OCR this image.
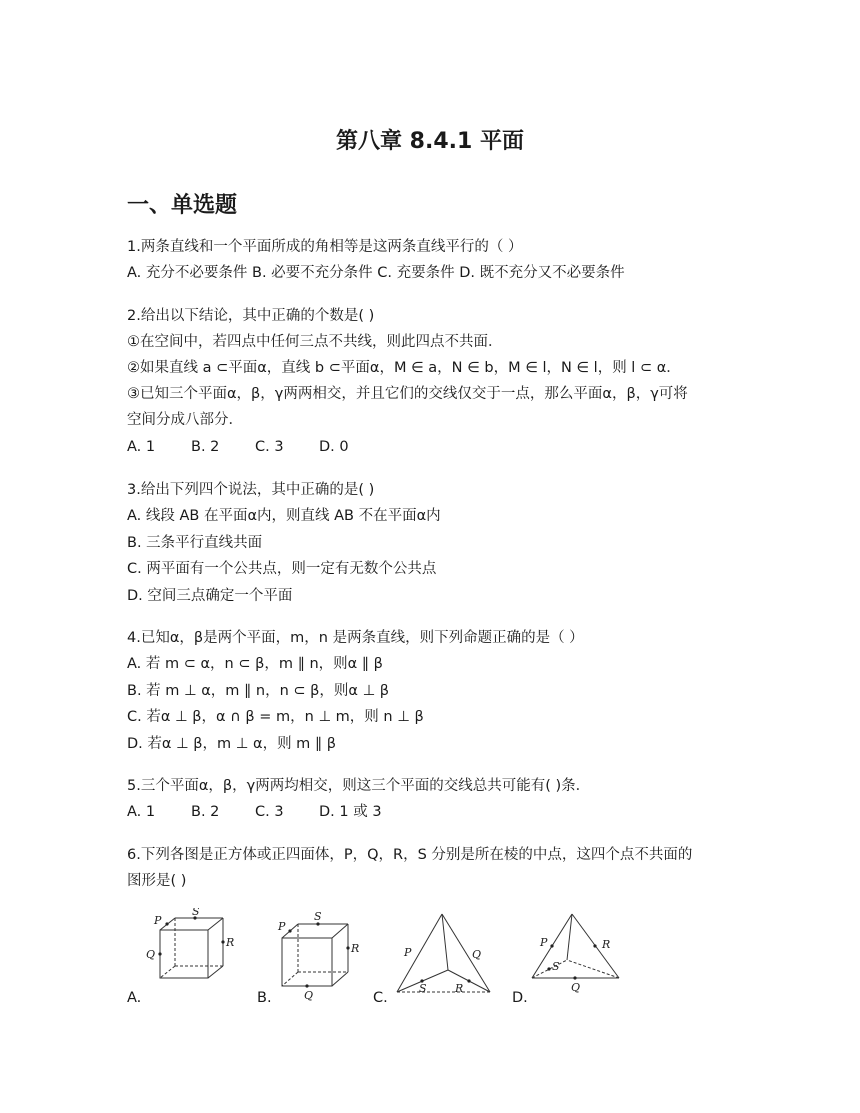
第八章 8.4.1 平面
一、单选题
1.两条直线和一个平面所成的角相等是这两条直线平行的（ ）
A. 充分不必要条件 B. 必要不充分条件 C. 充要条件 D. 既不充分又不必要条件
2.给出以下结论，其中正确的个数是( )
①在空间中，若四点中任何三点不共线，则此四点不共面．
②如果直线 a ⊂平面α，直线 b ⊂平面α，M ∈ a，N ∈ b，M ∈ l，N ∈ l，则 l ⊂ α．
③已知三个平面α，β，γ两两相交，并且它们的交线仅交于一点，那么平面α，β，γ可将
空间分成八部分．
A. 1 B. 2 C. 3 D. 0
3.给出下列四个说法，其中正确的是( )
A. 线段 AB 在平面α内，则直线 AB 不在平面α内
B. 三条平行直线共面
C. 两平面有一个公共点，则一定有无数个公共点
D. 空间三点确定一个平面
4.已知α，β是两个平面，m，n 是两条直线，则下列命题正确的是（ ）
A. 若 m ⊂ α，n ⊂ β，m ∥ n，则α ∥ β
B. 若 m ⊥ α，m ∥ n，n ⊂ β，则α ⊥ β
C. 若α ⊥ β，α ∩ β = m，n ⊥ m，则 n ⊥ β
D. 若α ⊥ β，m ⊥ α，则 m ∥ β
5.三个平面α，β，γ两两均相交，则这三个平面的交线总共可能有( )条．
A. 1 B. 2 C. 3 D. 1 或 3
6.下列各图是正方体或正四面体，P，Q，R，S 分别是所在棱的中点，这四个点不共面的
图形是( )
P
S
R
Q
P
S
R
Q
P	Q
S	R
P	R
S
Q
A.	B.	C.	D.
